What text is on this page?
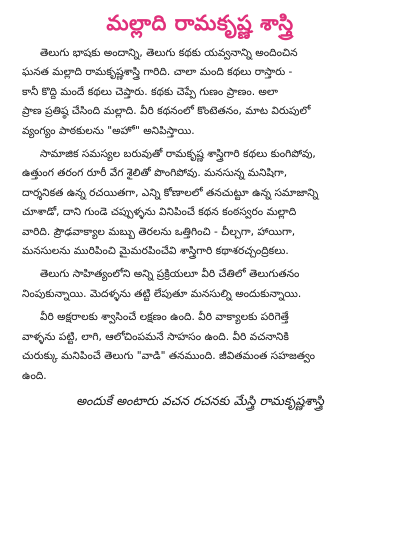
మల్లాది రామకృష్ణ శాస్త్రి
తెలుగు భాషకు అందాన్ని, తెలుగు కథకు యవ్వనాన్ని అందించిన
ఘనత మల్లాది రామకృష్ణశాస్త్రి గారిది. చాలా మంది కథలు రాస్తారు -
కానీ కొద్ది మందే కథలు చెప్తారు. కథకు చెప్పే గుణం ప్రాణం. అలా
ప్రాణ ప్రతిష్ఠ చేసింది మల్లాది. వీరి కథనంలో కొంటెతనం, మాట విరుపులో
వ్యంగ్యం పాఠకులను "అహో" అనిపిస్తాయి.
సామాజిక సమస్యల బరువుతో రామకృష్ణ శాస్త్రిగారి కథలు కుంగిపోవు,
ఉత్తుంగ తరంగ రూరీ వేగ శైలితో పొంగిపోవు. మనసున్న మనిషిగా,
దార్శనికత ఉన్న రచయితగా, ఎన్ని కోణాలలో తనచుట్టూ ఉన్న సమాజాన్ని
చూశాడో, దాని గుండె చప్పుళ్ళను వినిపించే కథన కంఠస్వరం మల్లాది
వారిది. ప్రౌఢవాక్యాల మబ్బు తెరలను ఒత్తిగించి - చీల్చగా, హాయిగా,
మనసులను మురిపించి మైమరపించేవి శాస్త్రిగారి కథాశరచ్చంద్రికలు.
తెలుగు సాహిత్యంలోని అన్ని ప్రక్రియలూ వీరి చేతిలో తెలుగుతనం
నింపుకున్నాయి. మెదళ్ళను తట్టి లేపుతూ మనసుల్ని అందుకున్నాయి.
వీరి అక్షరాలకు శ్వాసించే లక్షణం ఉంది. వీరి వాక్యాలకు పరిగెత్తే
వాళ్ళను పట్టి, లాగి, ఆలోచింపమనే సాహసం ఉంది. వీరి వచనానికి
చురుక్కు మనిపించే తెలుగు "వాడి" తనముంది. జీవితమంత సహజత్వం
ఉంది.
అందుకే అంటారు వచన రచనకు మేస్త్రి రామకృష్ణశాస్త్రి
